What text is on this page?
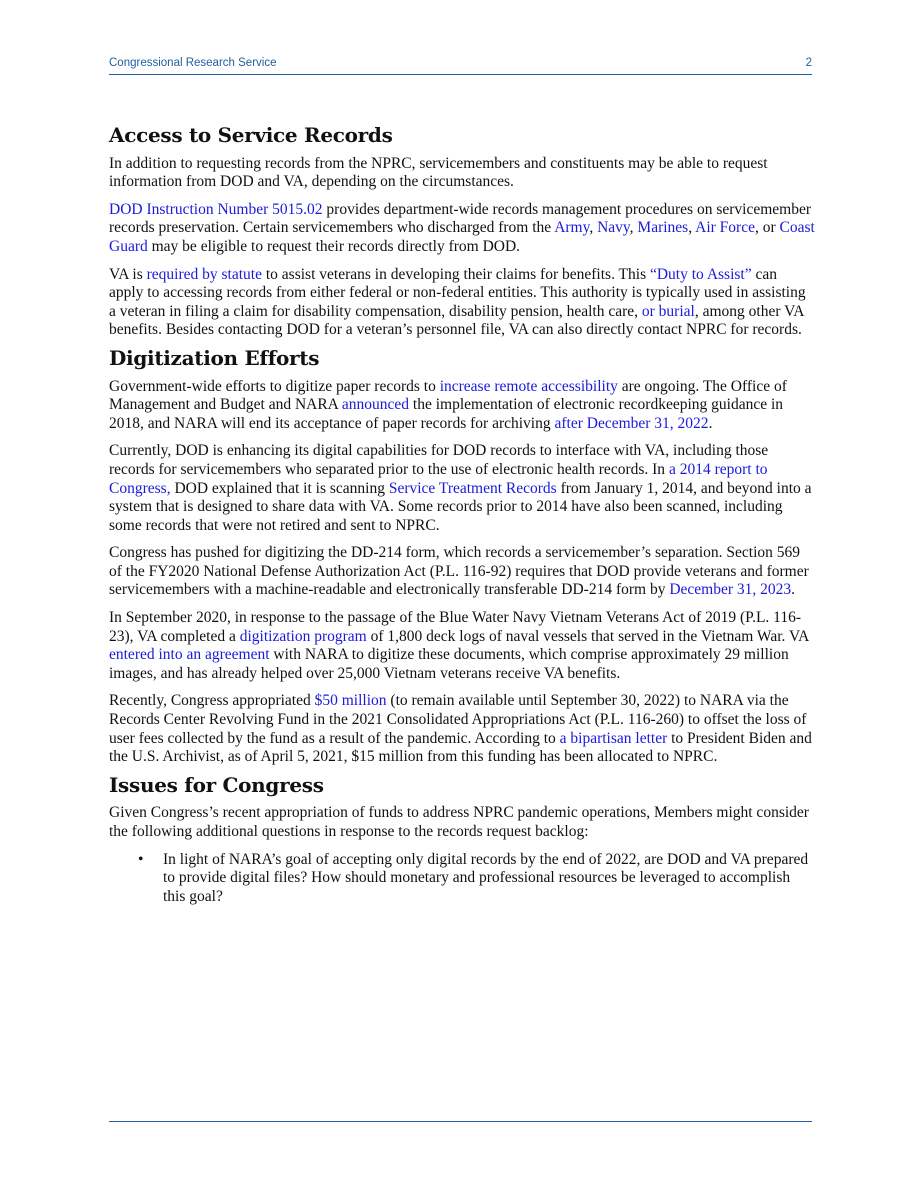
Congressional Research Service	2
Access to Service Records

In addition to requesting records from the NPRC, servicemembers and constituents may be able to request information from DOD and VA, depending on the circumstances.

DOD Instruction Number 5015.02 provides department-wide records management procedures on servicemember records preservation. Certain servicemembers who discharged from the Army, Navy, Marines, Air Force, or Coast Guard may be eligible to request their records directly from DOD.

VA is required by statute to assist veterans in developing their claims for benefits. This “Duty to Assist” can apply to accessing records from either federal or non-federal entities. This authority is typically used in assisting a veteran in filing a claim for disability compensation, disability pension, health care, or burial, among other VA benefits. Besides contacting DOD for a veteran’s personnel file, VA can also directly contact NPRC for records.

Digitization Efforts

Government-wide efforts to digitize paper records to increase remote accessibility are ongoing. The Office of Management and Budget and NARA announced the implementation of electronic recordkeeping guidance in 2018, and NARA will end its acceptance of paper records for archiving after December 31, 2022.

Currently, DOD is enhancing its digital capabilities for DOD records to interface with VA, including those records for servicemembers who separated prior to the use of electronic health records. In a 2014 report to Congress, DOD explained that it is scanning Service Treatment Records from January 1, 2014, and beyond into a system that is designed to share data with VA. Some records prior to 2014 have also been scanned, including some records that were not retired and sent to NPRC.

Congress has pushed for digitizing the DD-214 form, which records a servicemember’s separation. Section 569 of the FY2020 National Defense Authorization Act (P.L. 116-92) requires that DOD provide veterans and former servicemembers with a machine-readable and electronically transferable DD-214 form by December 31, 2023.

In September 2020, in response to the passage of the Blue Water Navy Vietnam Veterans Act of 2019 (P.L. 116-23), VA completed a digitization program of 1,800 deck logs of naval vessels that served in the Vietnam War. VA entered into an agreement with NARA to digitize these documents, which comprise approximately 29 million images, and has already helped over 25,000 Vietnam veterans receive VA benefits.

Recently, Congress appropriated $50 million (to remain available until September 30, 2022) to NARA via the Records Center Revolving Fund in the 2021 Consolidated Appropriations Act (P.L. 116-260) to offset the loss of user fees collected by the fund as a result of the pandemic. According to a bipartisan letter to President Biden and the U.S. Archivist, as of April 5, 2021, $15 million from this funding has been allocated to NPRC.

Issues for Congress

Given Congress’s recent appropriation of funds to address NPRC pandemic operations, Members might consider the following additional questions in response to the records request backlog:

• In light of NARA’s goal of accepting only digital records by the end of 2022, are DOD and VA prepared to provide digital files? How should monetary and professional resources be leveraged to accomplish this goal?
